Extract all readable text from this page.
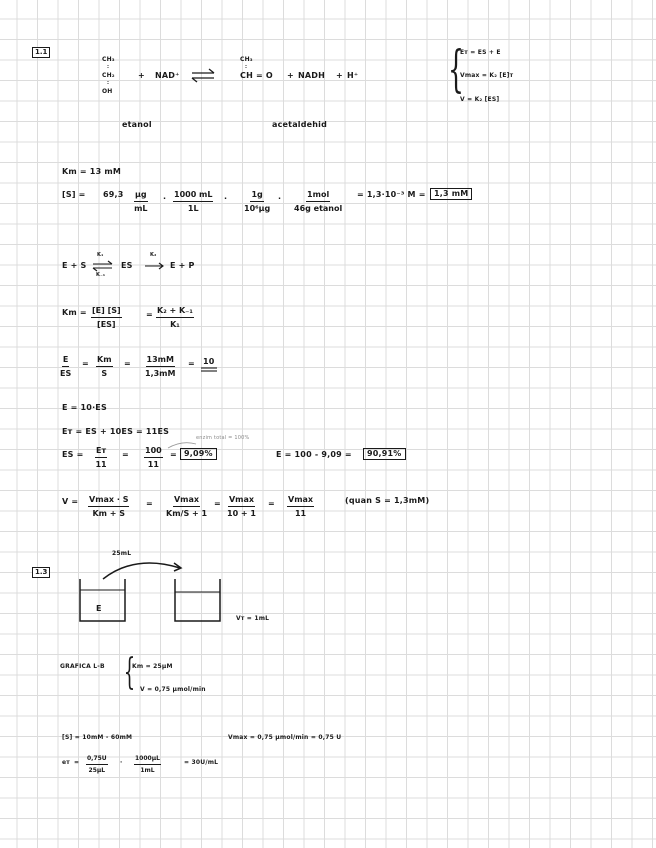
1.1
CH₃
:
CH₂
:
OH
+ NAD⁺
CH₃
:
CH = O + NADH + H⁺
etanol	acetaldehid
{
Eт = ES + E
Vmax = K₂ [E]т
V = K₂ [ES]
Km = 13 mM
$[S] = 69,3 \frac{\mu g}{mL} \cdot \frac{1000 mL}{1L} \cdot \frac{1g}{\text{10⁶μg}}$ ·	1mol
46g etanol
= 1,3·10⁻³ M =	1,3 mM
E + S
K₁
K₋₁
ES
K₂
E + P
$Km = \frac{[E] [S]}{[ES]}$	= $\frac{\text{K₂ + K₋₁}}{\text{K₁}}$
$\frac{E}{ES} = \frac{Km}{S} = \frac{13mM}{1,3mM} = 10$
E = 10·ES
Eт = ES + 10ES = 11ES
ES = Eт
11
= $\frac{100}{11} = 9,09\%$
enzim total = 100%
E = 100 - 9,09 =	90,91%
V = Vmax · S
Km + S
=	Vmax
Km/S + 1
= Vmax
10 + 1
= Vmax
11
(quan S = 1,3mM)
1.3
25mL
E
Vт = 1mL
GRAFICA L-B {
Km = 25μM
V = 0,75 μmol/min
[S] = 10mM - 60mM	Vmax = 0,75 μmol/min = 0,75 U
eт = $\frac{0,75U}{25\mu L} \cdot \frac{1000\mu L}{1mL}$	= 30U/mL
